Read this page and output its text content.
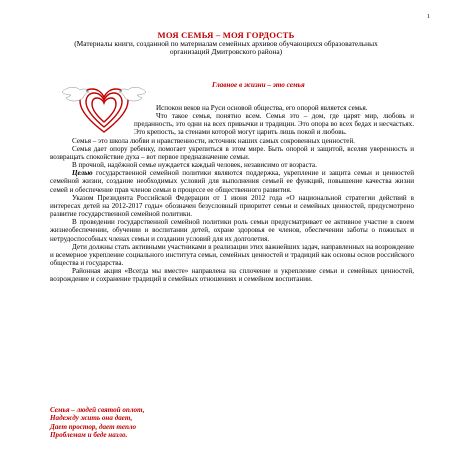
1
МОЯ СЕМЬЯ – МОЯ ГОРДОСТЬ
(Материалы книги, созданной по материалам семейных архивов обучающихся образовательных организаций Дмитровского района)
Главное в жизни – это семья

Испокон веков на Руси основой общества, его опорой является семья.

Что такое семья, понятно всем. Семья это – дом, где царят мир, любовь и преданность, это одни на всех привычки и традиции. Это опора во всех бедах и несчастьях. Это крепость, за стенами которой могут царить лишь покой и любовь.

Семья – это школа любви и нравственности, источник наших самых сокровенных ценностей.

Семья дает опору ребенку, помогает укрепиться в этом мире. Быть опорой и защитой, вселяя уверенность и возвращать спокойствие духа – вот первое предназначение семьи.

В прочной, надёжной семье нуждается каждый человек, независимо от возраста.

Целью государственной семейной политики являются поддержка, укрепление и защита семьи и ценностей семейной жизни, создание необходимых условий для выполнения семьей ее функций, повышение качества жизни семей и обеспечение прав членов семьи в процессе ее общественного развития.

Указом Президента Российской Федерации от 1 июня 2012 года «О национальной стратегии действий в интересах детей на 2012-2017 годы» обозначен безусловный приоритет семьи и семейных ценностей, предусмотрено развитие государственной семейной политики.

В проведении государственной семейной политики роль семьи предусматривает ее активное участие в своем жизнеобеспечении, обучении и воспитании детей, охране здоровья ее членов, обеспечении заботы о пожилых и нетрудоспособных членах семьи и создании условий для их долголетия.

Дети должны стать активными участниками в реализации этих важнейших задач, направленных на возрождение и всемерное укрепление социального института семьи, семейных ценностей и традиций как основы основ российского общества и государства.

Районная акция «Всегда мы вместе» направлена на сплочение и укрепление семьи и семейных ценностей, возрождение и сохранение традиций в семейных отношениях и семейном воспитании.

Семья – людей святой оплот,
Надежду жить она дает,
Дает простор, дает тепло
Проблемам и беде назло.
